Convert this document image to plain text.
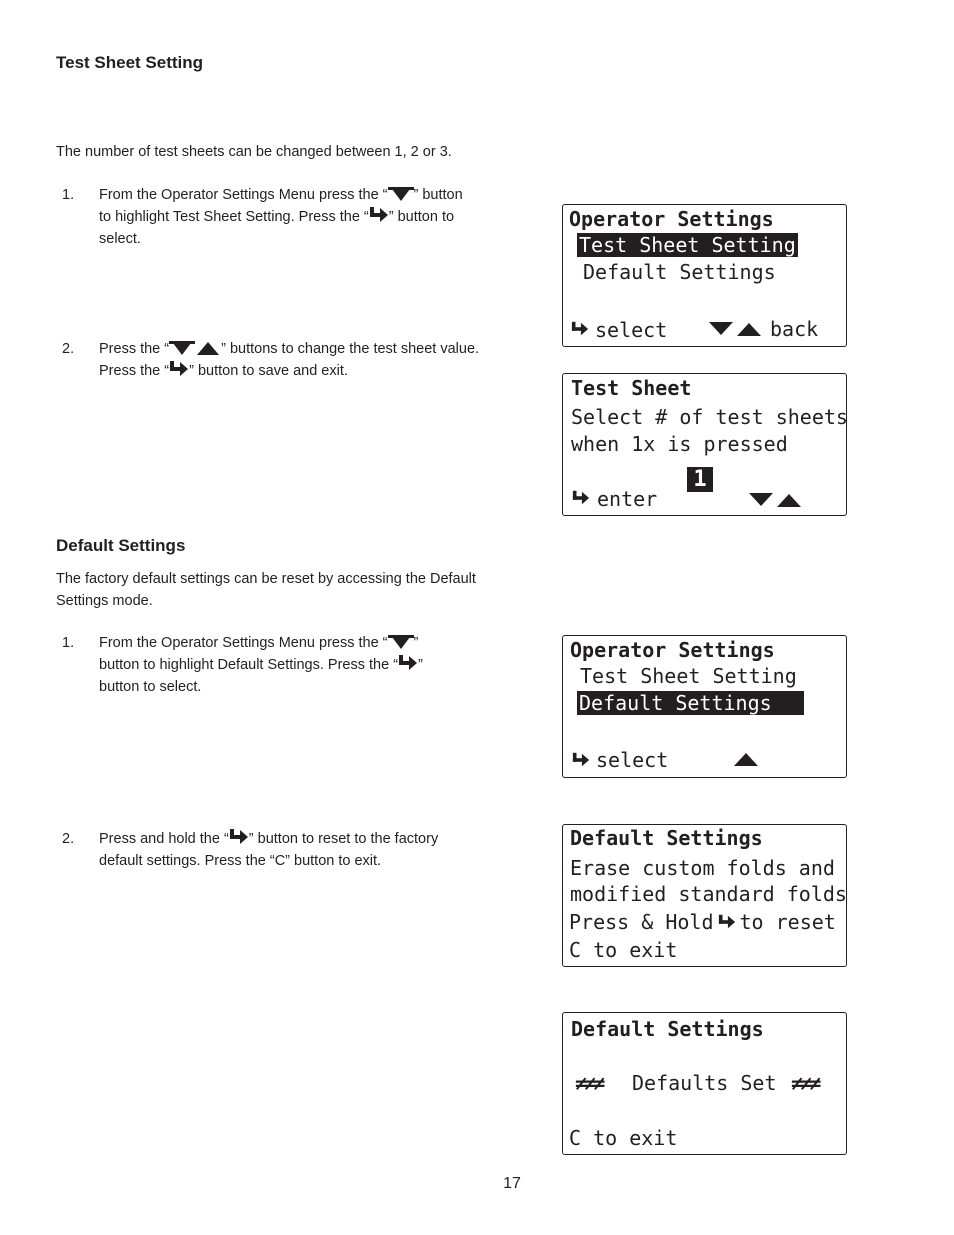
Test Sheet Setting
The number of test sheets can be changed between 1, 2 or 3.
1. From the Operator Settings Menu press the “ ” button
to highlight Test Sheet Setting. Press the “ ” button to
select.
2. Press the “	” buttons to change the test sheet value.
Press the “ ” button to save and exit.
Operator Settings
Test Sheet Setting
Default Settings
select	back
Test Sheet
Select # of test sheets
when 1x is pressed
1
enter
Default Settings
The factory default settings can be reset by accessing the Default
Settings mode.
1. From the Operator Settings Menu press the “ ”
button to highlight Default Settings. Press the “ ”
button to select.
2. Press and hold the “ ” button to reset to the factory
default settings. Press the “C” button to exit.
Operator Settings
Test Sheet Setting
Default Settings
select
Default Settings
Erase custom folds and
modified standard folds
Press & Hold to reset
C to exit
Default Settings
≠≠≠ Defaults Set ≠≠≠
C to exit
17
